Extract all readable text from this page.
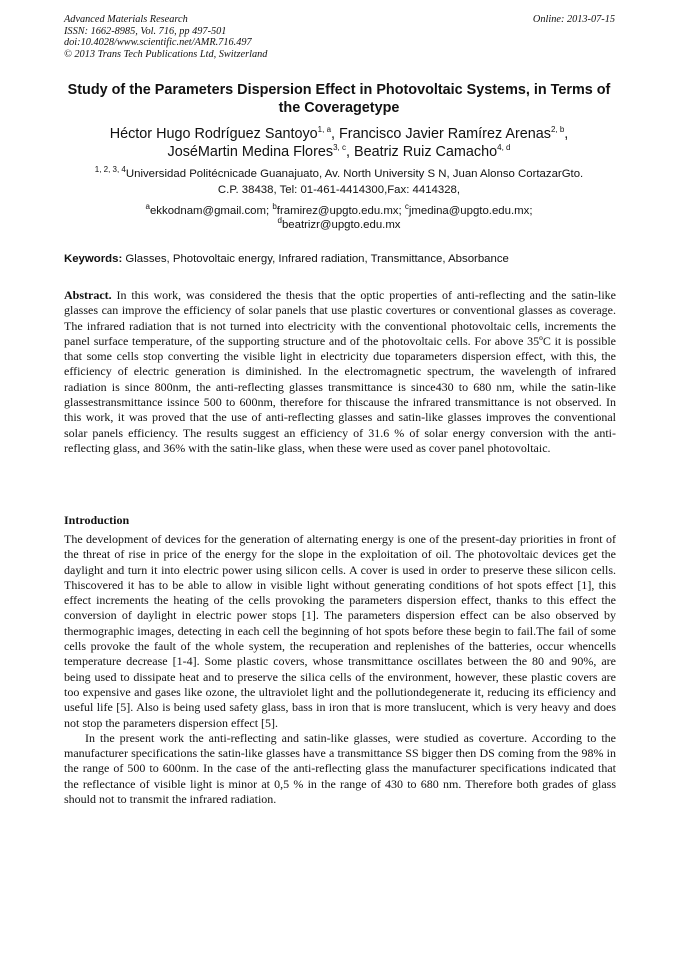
Advanced Materials Research
ISSN: 1662-8985, Vol. 716, pp 497-501
doi:10.4028/www.scientific.net/AMR.716.497
© 2013 Trans Tech Publications Ltd, Switzerland
Online: 2013-07-15
Study of the Parameters Dispersion Effect in Photovoltaic Systems, in Terms of the Coveragetype
Héctor Hugo Rodríguez Santoyo$^{1, a}$, Francisco Javier Ramírez Arenas$^{2, b}$,
JoséMartin Medina Flores$^{3, c}$, Beatriz Ruiz Camacho$^{4, d}$
$^{1, 2, 3, 4}$Universidad Politécnicade Guanajuato, Av. North University S N, Juan Alonso CortazarGto.
C.P. 38438, Tel: 01-461-4414300,Fax: 4414328,
$^a$ekkodnam@gmail.com; $^b$framirez@upgto.edu.mx; $^c$jmedina@upgto.edu.mx;
$^d$beatrizr@upgto.edu.mx
Keywords: Glasses, Photovoltaic energy, Infrared radiation, Transmittance, Absorbance
Abstract. In this work, was considered the thesis that the optic properties of anti-reflecting and the satin-like glasses can improve the efficiency of solar panels that use plastic covertures or conventional glasses as coverage. The infrared radiation that is not turned into electricity with the conventional photovoltaic cells, increments the panel surface temperature, of the supporting structure and of the photovoltaic cells. For above 35ºC it is possible that some cells stop converting the visible light in electricity due toparameters dispersion effect, with this, the efficiency of electric generation is diminished. In the electromagnetic spectrum, the wavelength of infrared radiation is since 800nm, the anti-reflecting glasses transmittance is since430 to 680 nm, while the satin-like glassestransmittance issince 500 to 600nm, therefore for thiscause the infrared transmittance is not observed. In this work, it was proved that the use of anti-reflecting glasses and satin-like glasses improves the conventional solar panels efficiency. The results suggest an efficiency of 31.6 % of solar energy conversion with the anti-reflecting glass, and 36% with the satin-like glass, when these were used as cover panel photovoltaic.
Introduction

The development of devices for the generation of alternating energy is one of the present-day priorities in front of the threat of rise in price of the energy for the slope in the exploitation of oil. The photovoltaic devices get the daylight and turn it into electric power using silicon cells. A cover is used in order to preserve these silicon cells. Thiscovered it has to be able to allow in visible light without generating conditions of hot spots effect [1], this effect increments the heating of the cells provoking the parameters dispersion effect, thanks to this effect the conversion of daylight in electric power stops [1]. The parameters dispersion effect can be also observed by thermographic images, detecting in each cell the beginning of hot spots before these begin to fail.The fail of some cells provoke the fault of the whole system, the recuperation and replenishes of the batteries, occur whencells temperature decrease [1-4]. Some plastic covers, whose transmittance oscillates between the 80 and 90%, are being used to dissipate heat and to preserve the silica cells of the environment, however, these plastic covers are too expensive and gases like ozone, the ultraviolet light and the pollutiondegenerate it, reducing its efficiency and useful life [5]. Also is being used safety glass, bass in iron that is more translucent, which is very heavy and does not stop the parameters dispersion effect [5].

In the present work the anti-reflecting and satin-like glasses, were studied as coverture. According to the manufacturer specifications the satin-like glasses have a transmittance SS bigger then DS coming from the 98% in the range of 500 to 600nm. In the case of the anti-reflecting glass the manufacturer specifications indicated that the reflectance of visible light is minor at 0,5 % in the range of 430 to 680 nm. Therefore both grades of glass should not to transmit the infrared radiation.
